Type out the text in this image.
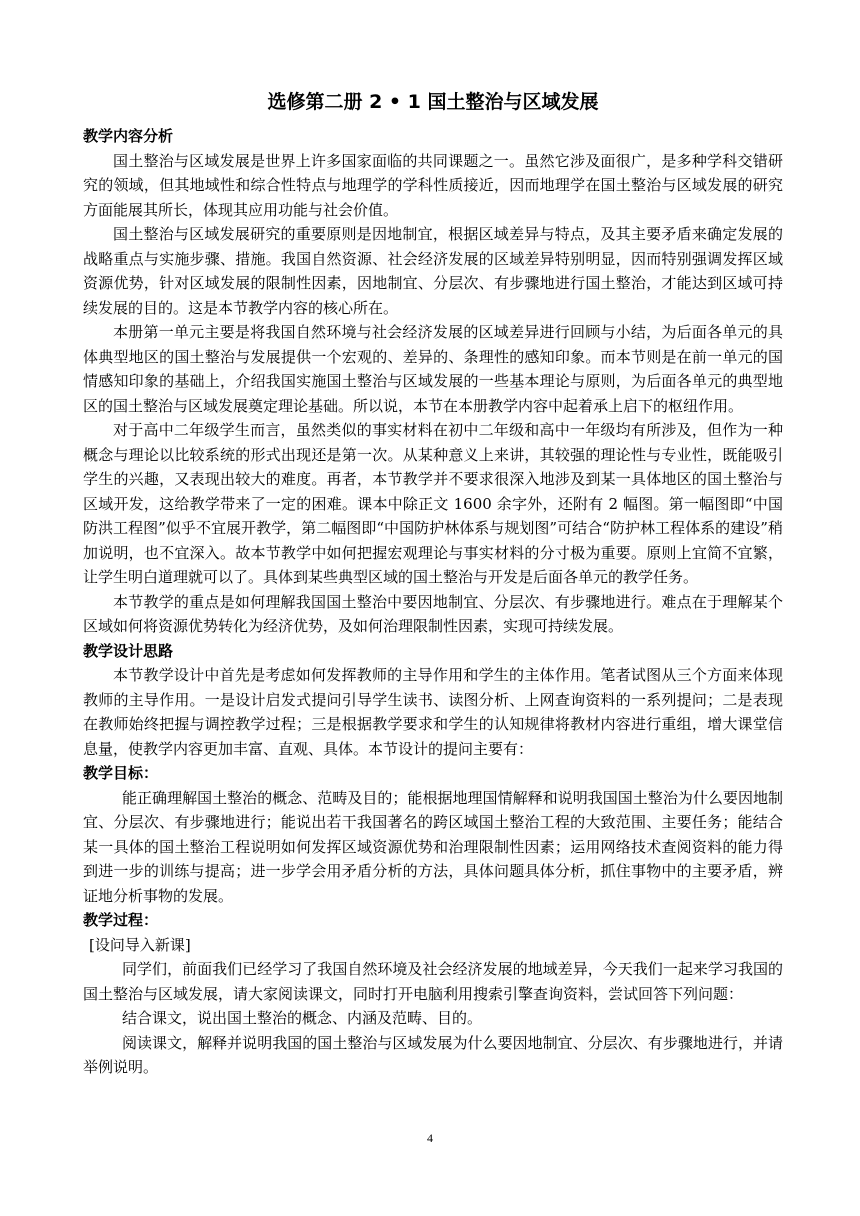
选修第二册 2 • 1 国土整治与区域发展
教学内容分析

国土整治与区域发展是世界上许多国家面临的共同课题之一。虽然它涉及面很广，是多种学科交错研究的领域，但其地域性和综合性特点与地理学的学科性质接近，因而地理学在国土整治与区域发展的研究方面能展其所长，体现其应用功能与社会价值。

国土整治与区域发展研究的重要原则是因地制宜，根据区域差异与特点，及其主要矛盾来确定发展的战略重点与实施步骤、措施。我国自然资源、社会经济发展的区域差异特别明显，因而特别强调发挥区域资源优势，针对区域发展的限制性因素，因地制宜、分层次、有步骤地进行国土整治，才能达到区域可持续发展的目的。这是本节教学内容的核心所在。

本册第一单元主要是将我国自然环境与社会经济发展的区域差异进行回顾与小结，为后面各单元的具体典型地区的国土整治与发展提供一个宏观的、差异的、条理性的感知印象。而本节则是在前一单元的国情感知印象的基础上，介绍我国实施国土整治与区域发展的一些基本理论与原则，为后面各单元的典型地区的国土整治与区域发展奠定理论基础。所以说，本节在本册教学内容中起着承上启下的枢纽作用。

对于高中二年级学生而言，虽然类似的事实材料在初中二年级和高中一年级均有所涉及，但作为一种概念与理论以比较系统的形式出现还是第一次。从某种意义上来讲，其较强的理论性与专业性，既能吸引学生的兴趣，又表现出较大的难度。再者，本节教学并不要求很深入地涉及到某一具体地区的国土整治与区域开发，这给教学带来了一定的困难。课本中除正文 1600 余字外，还附有 2 幅图。第一幅图即“中国防洪工程图”似乎不宜展开教学，第二幅图即“中国防护林体系与规划图”可结合“防护林工程体系的建设”稍加说明，也不宜深入。故本节教学中如何把握宏观理论与事实材料的分寸极为重要。原则上宜简不宜繁，让学生明白道理就可以了。具体到某些典型区域的国土整治与开发是后面各单元的教学任务。

本节教学的重点是如何理解我国国土整治中要因地制宜、分层次、有步骤地进行。难点在于理解某个区域如何将资源优势转化为经济优势，及如何治理限制性因素，实现可持续发展。

教学设计思路

本节教学设计中首先是考虑如何发挥教师的主导作用和学生的主体作用。笔者试图从三个方面来体现教师的主导作用。一是设计启发式提问引导学生读书、读图分析、上网查询资料的一系列提问；二是表现在教师始终把握与调控教学过程；三是根据教学要求和学生的认知规律将教材内容进行重组，增大课堂信息量，使教学内容更加丰富、直观、具体。本节设计的提问主要有：

教学目标：

能正确理解国土整治的概念、范畴及目的；能根据地理国情解释和说明我国国土整治为什么要因地制宜、分层次、有步骤地进行；能说出若干我国著名的跨区域国土整治工程的大致范围、主要任务；能结合某一具体的国土整治工程说明如何发挥区域资源优势和治理限制性因素；运用网络技术查阅资料的能力得到进一步的训练与提高；进一步学会用矛盾分析的方法，具体问题具体分析，抓住事物中的主要矛盾，辨证地分析事物的发展。

教学过程：

[设问导入新课]

同学们，前面我们已经学习了我国自然环境及社会经济发展的地域差异，今天我们一起来学习我国的国土整治与区域发展，请大家阅读课文，同时打开电脑利用搜索引擎查询资料，尝试回答下列问题：

结合课文，说出国土整治的概念、内涵及范畴、目的。

阅读课文，解释并说明我国的国土整治与区域发展为什么要因地制宜、分层次、有步骤地进行，并请举例说明。

4
